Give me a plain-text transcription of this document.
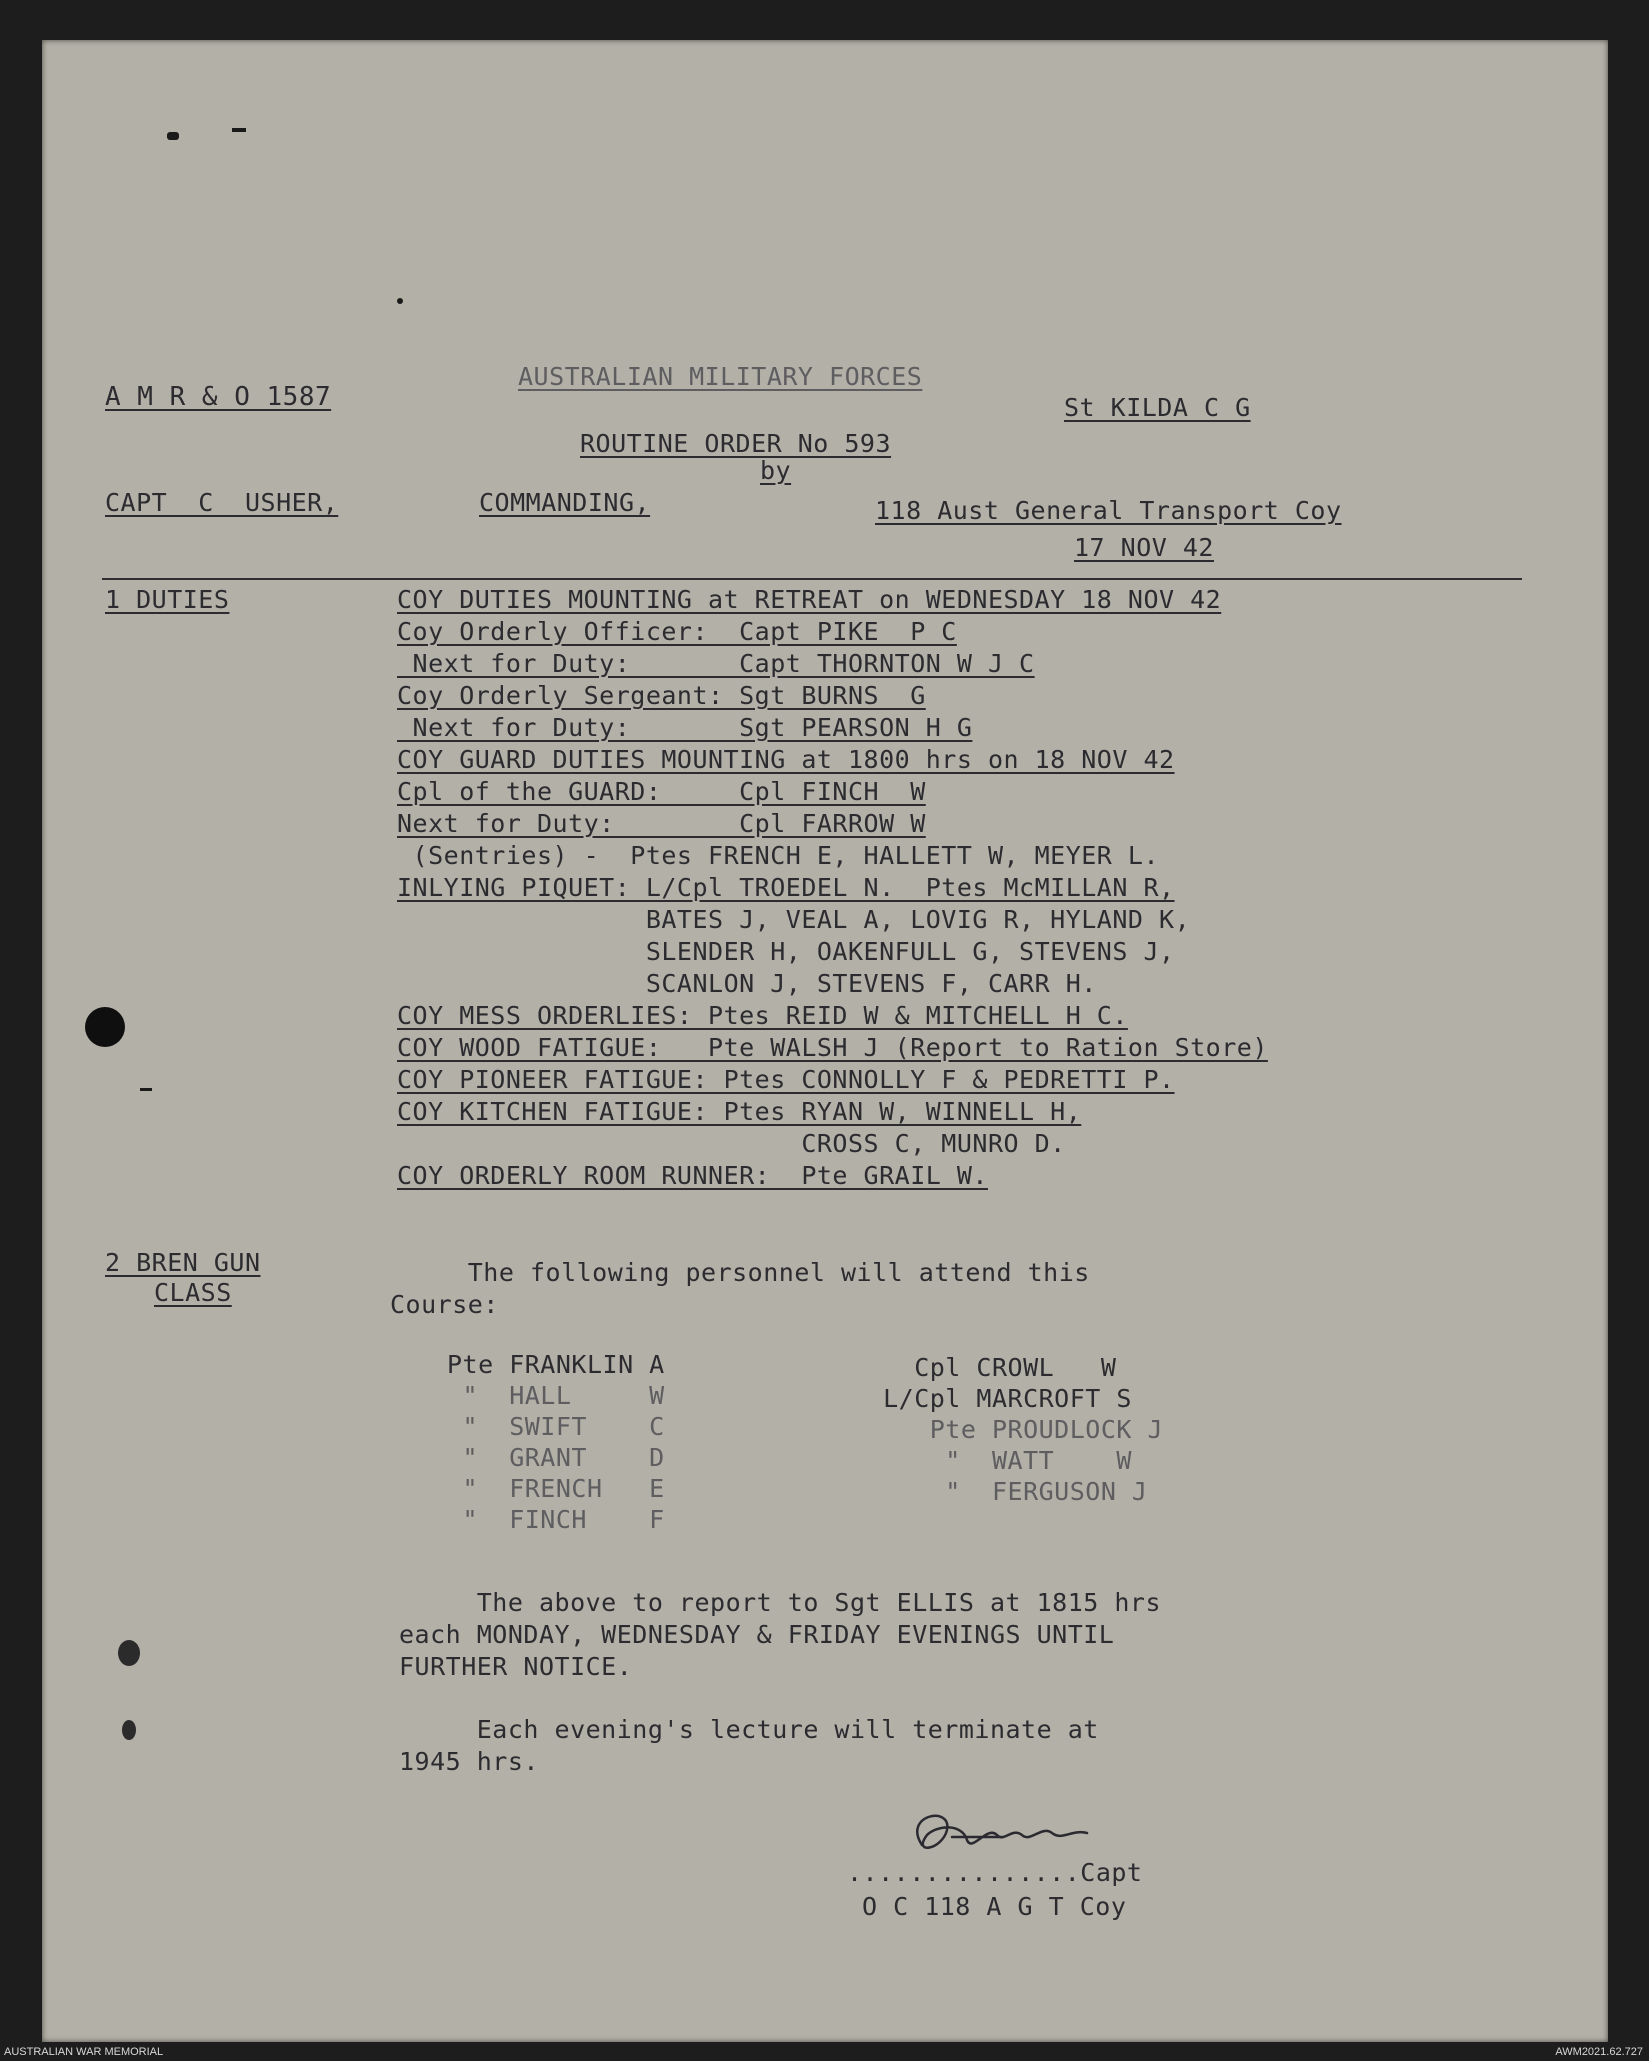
A M R & O 1587
AUSTRALIAN MILITARY FORCES
St KILDA C G
ROUTINE ORDER No 593
by
CAPT  C  USHER,	COMMANDING,	118 Aust General Transport Coy
17 NOV 42
1 DUTIES	COY DUTIES MOUNTING at RETREAT on WEDNESDAY 18 NOV 42
Coy Orderly Officer:  Capt PIKE  P C
Next for Duty:       Capt THORNTON W J C
Coy Orderly Sergeant: Sgt BURNS  G
Next for Duty:       Sgt PEARSON H G
COY GUARD DUTIES MOUNTING at 1800 hrs on 18 NOV 42
Cpl of the GUARD:     Cpl FINCH  W
Next for Duty:        Cpl FARROW W
(Sentries) -  Ptes FRENCH E, HALLETT W, MEYER L.
INLYING PIQUET: L/Cpl TROEDEL N.  Ptes McMILLAN R,
BATES J, VEAL A, LOVIG R, HYLAND K,
SLENDER H, OAKENFULL G, STEVENS J,
SCANLON J, STEVENS F, CARR H.
COY MESS ORDERLIES: Ptes REID W & MITCHELL H C.
COY WOOD FATIGUE:   Pte WALSH J (Report to Ration Store)
COY PIONEER FATIGUE: Ptes CONNOLLY F & PEDRETTI P.
COY KITCHEN FATIGUE: Ptes RYAN W, WINNELL H,
CROSS C, MUNRO D.
COY ORDERLY ROOM RUNNER:  Pte GRAIL W.
2 BREN GUN
CLASS
The following personnel will attend this
Course:
Pte FRANKLIN A
"  HALL     W
"  SWIFT    C
"  GRANT    D
"  FRENCH   E
"  FINCH    F
Cpl CROWL   W
L/Cpl MARCROFT S
Pte PROUDLOCK J
"  WATT    W
"  FERGUSON J
The above to report to Sgt ELLIS at 1815 hrs
each MONDAY, WEDNESDAY & FRIDAY EVENINGS UNTIL
FURTHER NOTICE.
Each evening's lecture will terminate at
1945 hrs.
...............Capt
O C 118 A G T Coy
AUSTRALIAN WAR MEMORIAL	AWM2021.62.727
